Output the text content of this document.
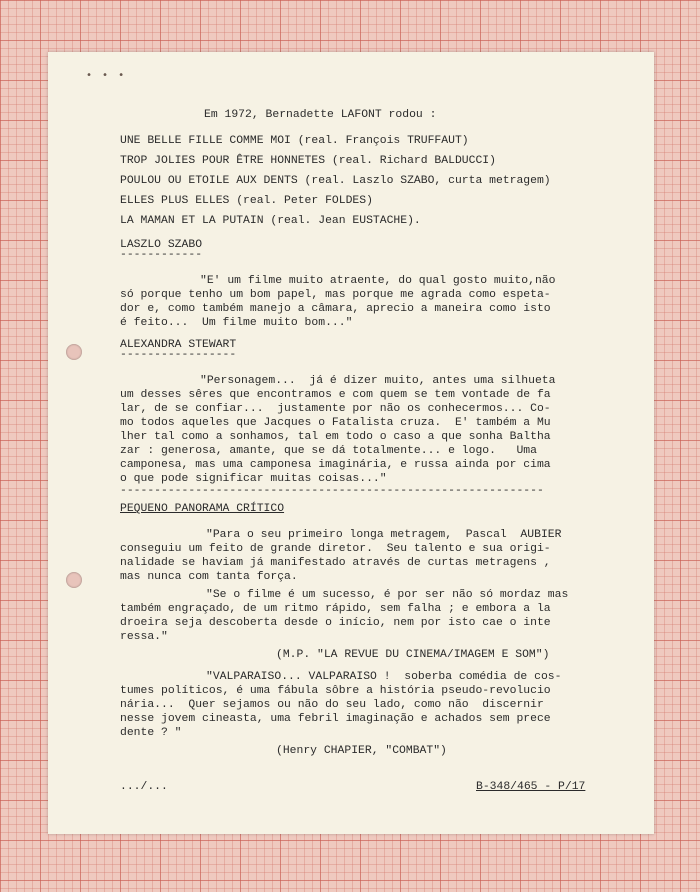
• • •
Em 1972, Bernadette LAFONT rodou :
UNE BELLE FILLE COMME MOI (real. François TRUFFAUT)
TROP JOLIES POUR ÊTRE HONNETES (real. Richard BALDUCCI)
POULOU OU ETOILE AUX DENTS (real. Laszlo SZABO, curta metragem)
ELLES PLUS ELLES (real. Peter FOLDES)
LA MAMAN ET LA PUTAIN (real. Jean EUSTACHE).
LASZLO SZABO
------------
"E' um filme muito atraente, do qual gosto muito,não
só porque tenho um bom papel, mas porque me agrada como espeta-
dor e, como também manejo a câmara, aprecio a maneira como isto
é feito...  Um filme muito bom..."
ALEXANDRA STEWART
-----------------
"Personagem...  já é dizer muito, antes uma silhueta
um desses sêres que encontramos e com quem se tem vontade de fa
lar, de se confiar...  justamente por não os conhecermos... Co-
mo todos aqueles que Jacques o Fatalista cruza.  E' também a Mu
lher tal como a sonhamos, tal em todo o caso a que sonha Baltha
zar : generosa, amante, que se dá totalmente... e logo.   Uma
camponesa, mas uma camponesa imaginária, e russa ainda por cima
o que pode significar muitas coisas..."
--------------------------------------------------------------
PEQUENO PANORAMA CRÍTICO
"Para o seu primeiro longa metragem,  Pascal  AUBIER
conseguiu um feito de grande diretor.  Seu talento e sua origi-
nalidade se haviam já manifestado através de curtas metragens ,
mas nunca com tanta força.
"Se o filme é um sucesso, é por ser não só mordaz mas
também engraçado, de um ritmo rápido, sem falha ; e embora a la
droeira seja descoberta desde o início, nem por isto cae o inte
ressa."
(M.P. "LA REVUE DU CINEMA/IMAGEM E SOM")
"VALPARAISO... VALPARAISO !  soberba comédia de cos-
tumes políticos, é uma fábula sôbre a história pseudo-revolucio
nária...  Quer sejamos ou não do seu lado, como não  discernir
nesse jovem cineasta, uma febril imaginação e achados sem prece
dente ? "
(Henry CHAPIER, "COMBAT")
.../...	B-348/465 - P/17
